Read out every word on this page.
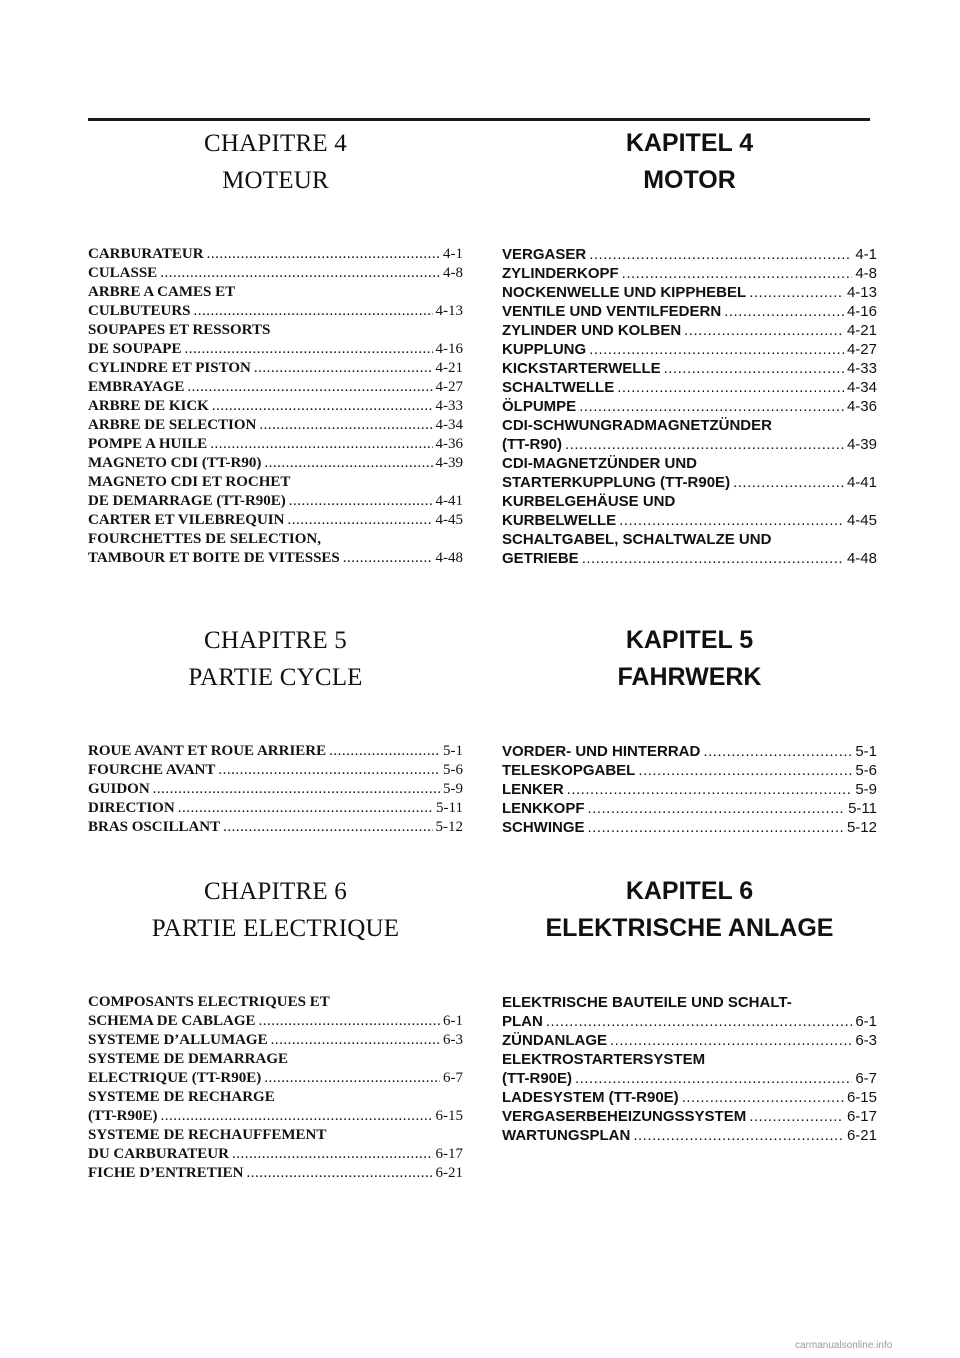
CHAPITRE 4
MOTEUR
CARBURATEUR .....	4-1
CULASSE .....	4-8
ARBRE A CAMES ET
CULBUTEURS .....	4-13
SOUPAPES ET RESSORTS
DE SOUPAPE .....	4-16
CYLINDRE ET PISTON .....	4-21
EMBRAYAGE .....	4-27
ARBRE DE KICK .....	4-33
ARBRE DE SELECTION .....	4-34
POMPE A HUILE .....	4-36
MAGNETO CDI (TT-R90) .....	4-39
MAGNETO CDI ET ROCHET
DE DEMARRAGE (TT-R90E) .....	4-41
CARTER ET VILEBREQUIN .....	4-45
FOURCHETTES DE SELECTION,
TAMBOUR ET BOITE DE VITESSES .....	4-48
CHAPITRE 5
PARTIE CYCLE
ROUE AVANT ET ROUE ARRIERE .....	5-1
FOURCHE AVANT .....	5-6
GUIDON .....	5-9
DIRECTION .....	5-11
BRAS OSCILLANT .....	5-12
CHAPITRE 6
PARTIE ELECTRIQUE
COMPOSANTS ELECTRIQUES ET
SCHEMA DE CABLAGE .....	6-1
SYSTEME D’ALLUMAGE .....	6-3
SYSTEME DE DEMARRAGE
ELECTRIQUE (TT-R90E) .....	6-7
SYSTEME DE RECHARGE
(TT-R90E) .....	6-15
SYSTEME DE RECHAUFFEMENT
DU CARBURATEUR .....	6-17
FICHE D’ENTRETIEN .....	6-21
KAPITEL 4
MOTOR
VERGASER .....	4-1
ZYLINDERKOPF .....	4-8
NOCKENWELLE UND KIPPHEBEL .....	4-13
VENTILE UND VENTILFEDERN .....	4-16
ZYLINDER UND KOLBEN .....	4-21
KUPPLUNG .....	4-27
KICKSTARTERWELLE .....	4-33
SCHALTWELLE .....	4-34
ÖLPUMPE .....	4-36
CDI-SCHWUNGRADMAGNETZÜNDER
(TT-R90) .....	4-39
CDI-MAGNETZÜNDER UND
STARTERKUPPLUNG (TT-R90E) .....	4-41
KURBELGEHÄUSE UND
KURBELWELLE .....	4-45
SCHALTGABEL, SCHALTWALZE UND
GETRIEBE .....	4-48
KAPITEL 5
FAHRWERK
VORDER- UND HINTERRAD .....	5-1
TELESKOPGABEL .....	5-6
LENKER .....	5-9
LENKKOPF .....	5-11
SCHWINGE .....	5-12
KAPITEL 6
ELEKTRISCHE ANLAGE
ELEKTRISCHE BAUTEILE UND SCHALT-
PLAN .....	6-1
ZÜNDANLAGE .....	6-3
ELEKTROSTARTERSYSTEM
(TT-R90E) .....	6-7
LADESYSTEM (TT-R90E) .....	6-15
VERGASERBEHEIZUNGSSYSTEM .....	6-17
WARTUNGSPLAN .....	6-21
carmanualsonline.info
